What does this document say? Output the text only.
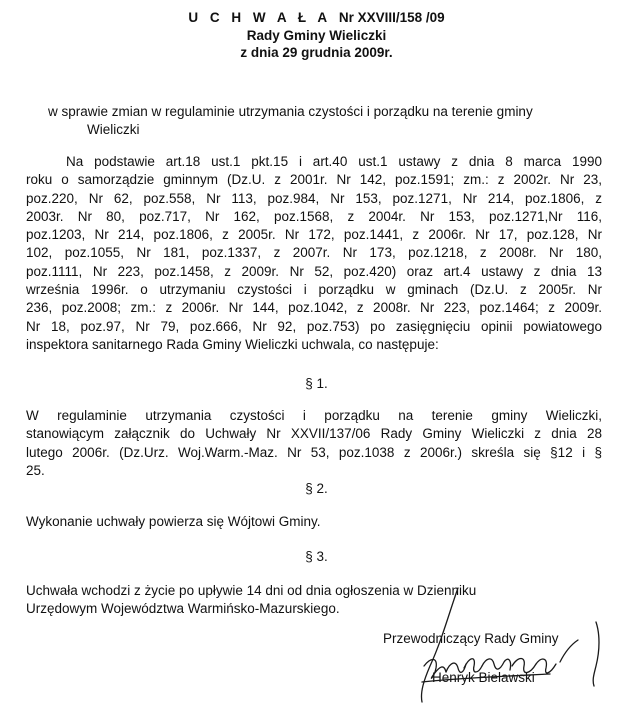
U C H W A Ł A Nr XXVIII/158 /09
Rady Gminy Wieliczki
z dnia 29 grudnia 2009r.
w sprawie zmian w regulaminie utrzymania czystości i porządku na terenie gminy
Wieliczki
Na podstawie art.18 ust.1 pkt.15 i art.40 ust.1 ustawy z dnia 8 marca 1990
roku o samorządzie gminnym (Dz.U. z 2001r. Nr 142, poz.1591; zm.: z 2002r. Nr 23,
poz.220, Nr 62, poz.558, Nr 113, poz.984, Nr 153, poz.1271, Nr 214, poz.1806, z
2003r. Nr 80, poz.717, Nr 162, poz.1568, z 2004r. Nr 153, poz.1271,Nr 116,
poz.1203, Nr 214, poz.1806, z 2005r. Nr 172, poz.1441, z 2006r. Nr 17, poz.128, Nr
102, poz.1055, Nr 181, poz.1337, z 2007r. Nr 173, poz.1218, z 2008r. Nr 180,
poz.1111, Nr 223, poz.1458, z 2009r. Nr 52, poz.420) oraz art.4 ustawy z dnia 13
września 1996r. o utrzymaniu czystości i porządku w gminach (Dz.U. z 2005r. Nr
236, poz.2008; zm.: z 2006r. Nr 144, poz.1042, z 2008r. Nr 223, poz.1464; z 2009r.
Nr 18, poz.97, Nr 79, poz.666, Nr 92, poz.753) po zasięgnięciu opinii powiatowego
inspektora sanitarnego Rada Gminy Wieliczki uchwala, co następuje:
§ 1.
W regulaminie utrzymania czystości i porządku na terenie gminy Wieliczki,
stanowiącym załącznik do Uchwały Nr XXVII/137/06 Rady Gminy Wieliczki z dnia 28
lutego 2006r. (Dz.Urz. Woj.Warm.-Maz. Nr 53, poz.1038 z 2006r.) skreśla się §12 i §
25.
§ 2.
Wykonanie uchwały powierza się Wójtowi Gminy.
§ 3.
Uchwała wchodzi z życie po upływie 14 dni od dnia ogłoszenia w Dzienniku
Urzędowym Województwa Warmińsko-Mazurskiego.
Przewodniczący Rady Gminy
Henryk Bielawski
